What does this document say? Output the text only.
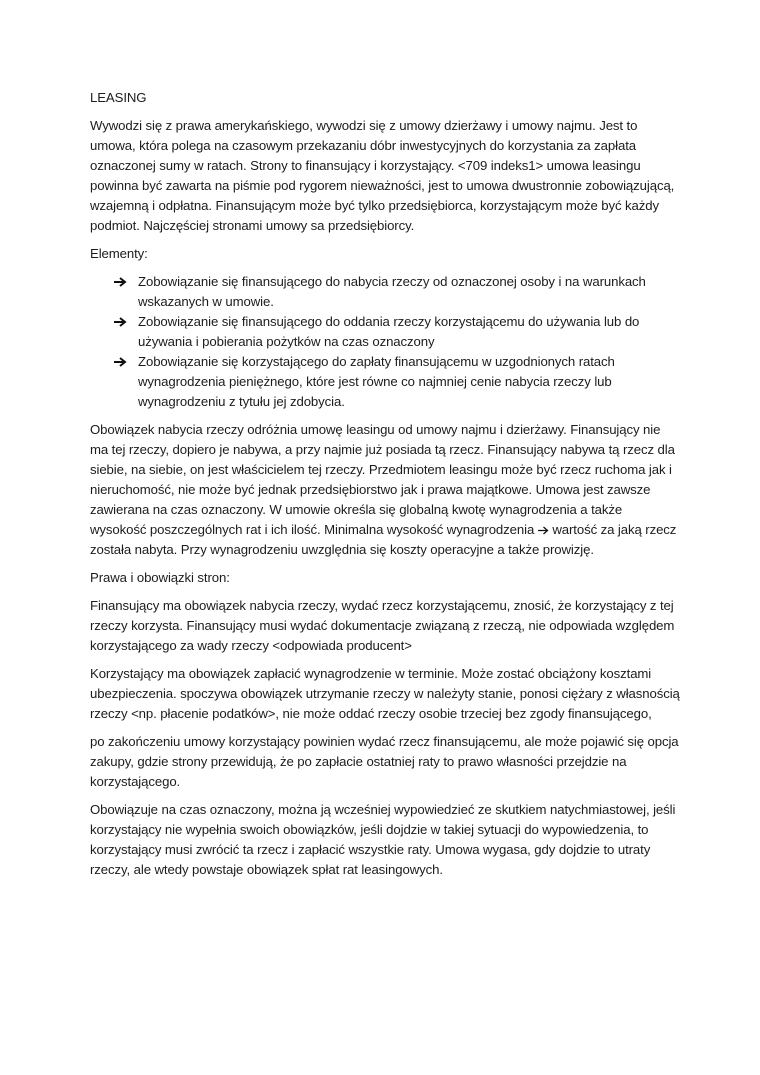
LEASING

Wywodzi się z prawa amerykańskiego, wywodzi się z umowy dzierżawy i umowy najmu. Jest to umowa, która polega na czasowym przekazaniu dóbr inwestycyjnych do korzystania za zapłata oznaczonej sumy w ratach. Strony to finansujący i korzystający. <709 indeks1> umowa leasingu powinna być zawarta na piśmie pod rygorem nieważności, jest to umowa dwustronnie zobowiązującą, wzajemną i odpłatna. Finansującym może być tylko przedsiębiorca, korzystającym może być każdy podmiot. Najczęściej stronami umowy sa przedsiębiorcy.

Elementy:

Zobowiązanie się finansującego do nabycia rzeczy od oznaczonej osoby i na warunkach wskazanych w umowie.
Zobowiązanie się finansującego do oddania rzeczy korzystającemu do używania lub do używania i pobierania pożytków na czas oznaczony
Zobowiązanie się korzystającego do zapłaty finansującemu w uzgodnionych ratach wynagrodzenia pieniężnego, które jest równe co najmniej cenie nabycia rzeczy lub wynagrodzeniu z tytułu jej zdobycia.

Obowiązek nabycia rzeczy odróżnia umowę leasingu od umowy najmu i dzierżawy. Finansujący nie ma tej rzeczy, dopiero je nabywa, a przy najmie już posiada tą rzecz. Finansujący nabywa tą rzecz dla siebie, na siebie, on jest właścicielem tej rzeczy. Przedmiotem leasingu może być rzecz ruchoma jak i nieruchomość, nie może być jednak przedsiębiorstwo jak i prawa majątkowe. Umowa jest zawsze zawierana na czas oznaczony. W umowie określa się globalną kwotę wynagrodzenia a także wysokość poszczególnych rat i ich ilość. Minimalna wysokość wynagrodzenia  wartość za jaką rzecz została nabyta. Przy wynagrodzeniu uwzględnia się koszty operacyjne a także prowizję.

Prawa i obowiązki stron:

Finansujący ma obowiązek nabycia rzeczy, wydać rzecz korzystającemu, znosić, że korzystający z tej rzeczy korzysta. Finansujący musi wydać dokumentacje związaną z rzeczą, nie odpowiada względem korzystającego za wady rzeczy <odpowiada producent>

Korzystający ma obowiązek zapłacić wynagrodzenie w terminie. Może zostać obciążony kosztami ubezpieczenia. spoczywa obowiązek utrzymanie rzeczy w należyty stanie, ponosi ciężary z własnością rzeczy <np. płacenie podatków>, nie może oddać rzeczy osobie trzeciej bez zgody finansującego,

po zakończeniu umowy korzystający powinien wydać rzecz finansującemu, ale może pojawić się opcja zakupy, gdzie strony przewidują, że po zapłacie ostatniej raty to prawo własności przejdzie na korzystającego.

Obowiązuje na czas oznaczony, można ją wcześniej wypowiedzieć ze skutkiem natychmiastowej, jeśli korzystający nie wypełnia swoich obowiązków, jeśli dojdzie w takiej sytuacji do wypowiedzenia, to korzystający musi zwrócić ta rzecz i zapłacić wszystkie raty. Umowa wygasa, gdy dojdzie to utraty rzeczy, ale wtedy powstaje obowiązek spłat rat leasingowych.
